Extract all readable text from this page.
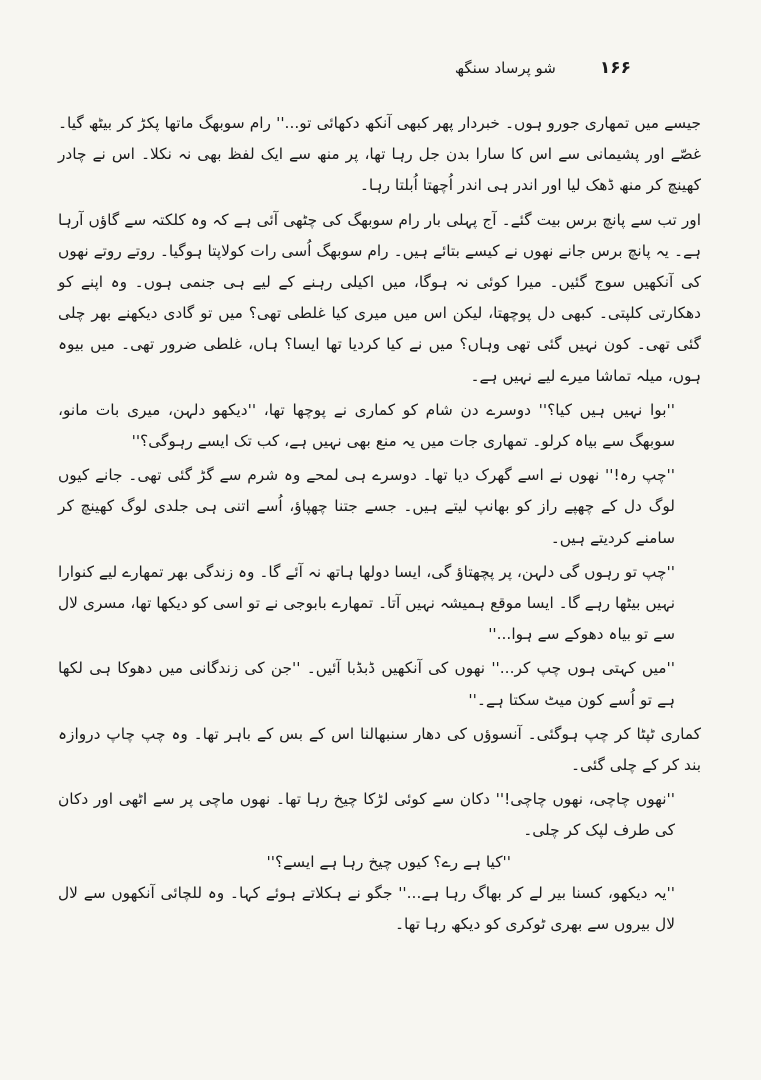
۱۶۶
شو پرساد سنگھ

جیسے میں تمھاری جورو ہوں۔ خبردار پھر کبھی آنکھ دکھائی تو...'' رام سوبھگ ماتھا پکڑ کر بیٹھ گیا۔ غصّے اور پشیمانی سے اس کا سارا بدن جل رہا تھا، پر منھ سے ایک لفظ بھی نہ نکلا۔ اس نے چادر کھینچ کر منھ ڈھک لیا اور اندر ہی اندر اُچھتا اُبلتا رہا۔

اور تب سے پانچ برس بیت گئے۔ آج پہلی بار رام سوبھگ کی چٹھی آئی ہے کہ وہ کلکتہ سے گاؤں آرہا ہے۔ یہ پانچ برس جانے نھوں نے کیسے بتائے ہیں۔ رام سوبھگ اُسی رات کولاپتا ہوگیا۔ روتے روتے نھوں کی آنکھیں سوج گئیں۔ میرا کوئی نہ ہوگا، میں اکیلی رہنے کے لیے ہی جنمی ہوں۔ وہ اپنے کو دھکارتی کلپتی۔ کبھی دل پوچھتا، لیکن اس میں میری کیا غلطی تھی؟ میں تو گادی دیکھنے بھر چلی گئی تھی۔ کون نہیں گئی تھی وہاں؟ میں نے کیا کردیا تھا ایسا؟ ہاں، غلطی ضرور تھی۔ میں بیوہ ہوں، میلہ تماشا میرے لیے نہیں ہے۔

''بوا نہیں ہیں کیا؟'' دوسرے دن شام کو کماری نے پوچھا تھا، ''دیکھو دلہن، میری بات مانو، سوبھگ سے بیاہ کرلو۔ تمھاری جات میں یہ منع بھی نہیں ہے، کب تک ایسے رہوگی؟''

''چپ رہ!'' نھوں نے اسے گھرک دیا تھا۔ دوسرے ہی لمحے وہ شرم سے گڑ گئی تھی۔ جانے کیوں لوگ دل کے چھپے راز کو بھانپ لیتے ہیں۔ جسے جتنا چھپاؤ، اُسے اتنی ہی جلدی لوگ کھینچ کر سامنے کردیتے ہیں۔

''چپ تو رہوں گی دلہن، پر پچھتاؤ گی، ایسا دولھا ہاتھ نہ آئے گا۔ وہ زندگی بھر تمھارے لیے کنوارا نہیں بیٹھا رہے گا۔ ایسا موقع ہمیشہ نہیں آتا۔ تمھارے بابوجی نے تو اسی کو دیکھا تھا، مسری لال سے تو بیاہ دھوکے سے ہوا...''

''میں کہتی ہوں چپ کر...'' نھوں کی آنکھیں ڈبڈبا آئیں۔ ''جن کی زندگانی میں دھوکا ہی لکھا ہے تو اُسے کون میٹ سکتا ہے۔''

کماری ٹپٹا کر چپ ہوگئی۔ آنسوؤں کی دھار سنبھالنا اس کے بس کے باہر تھا۔ وہ چپ چاپ دروازہ بند کر کے چلی گئی۔

''نھوں چاچی، نھوں چاچی!'' دکان سے کوئی لڑکا چیخ رہا تھا۔ نھوں ماچی پر سے اٹھی اور دکان کی طرف لپک کر چلی۔

''کیا ہے رے؟ کیوں چیخ رہا ہے ایسے؟''

''یہ دیکھو، کسنا بیر لے کر بھاگ رہا ہے...'' جگو نے ہکلاتے ہوئے کہا۔ وہ للچائی آنکھوں سے لال لال بیروں سے بھری ٹوکری کو دیکھ رہا تھا۔
